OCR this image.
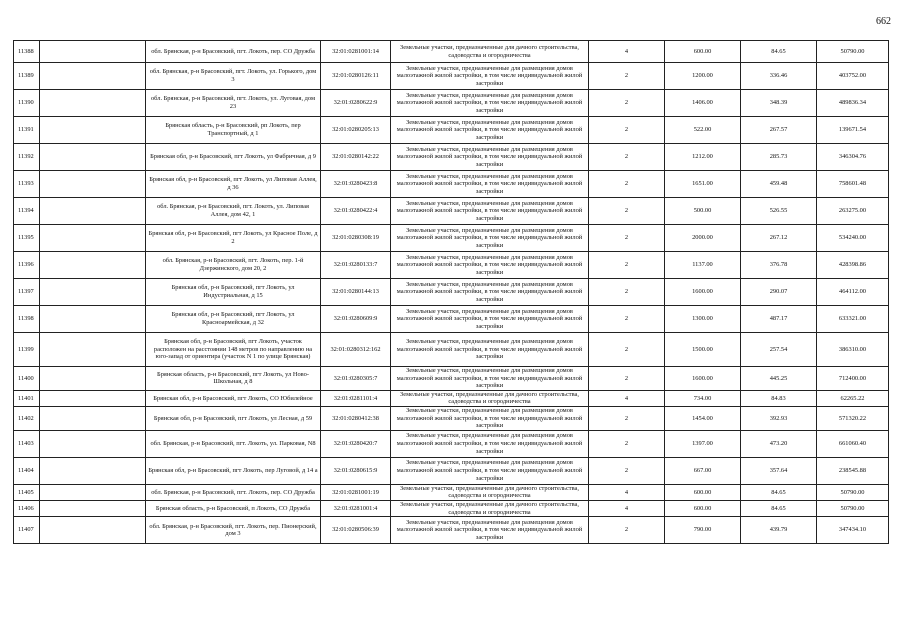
662
11388		обл. Брянская, р-н Брасовский, пгт. Локоть, пер. СО Дружба	32:01:0281001:14	Земельные участки, предназначенные для дачного строительства, садоводства и огородничества	4	600.00	84.65	50790.00
11389		обл. Брянская, р-н Брасовский, пгт. Локоть, ул. Горького, дом 3	32:01:0280126:11	Земельные участки, предназначенные для размещения домов малоэтажной жилой застройки, в том числе индивидуальной жилой застройки	2	1200.00	336.46	403752.00
11390		обл. Брянская, р-н Брасовский, пгт. Локоть, ул. Луговая, дом 23	32:01:0280622:9	Земельные участки, предназначенные для размещения домов малоэтажной жилой застройки, в том числе индивидуальной жилой застройки	2	1406.00	348.39	489836.34
11391		Брянская область, р-н Брасовский, рп Локоть, пер Транспортный, д 1	32:01:0280205:13	Земельные участки, предназначенные для размещения домов малоэтажной жилой застройки, в том числе индивидуальной жилой застройки	2	522.00	267.57	139671.54
11392		Брянская обл, р-н Брасовский, пгт Локоть, ул Фабричная, д 9	32:01:0280142:22	Земельные участки, предназначенные для размещения домов малоэтажной жилой застройки, в том числе индивидуальной жилой застройки	2	1212.00	285.73	346304.76
11393		Брянская обл, р-н Брасовский, пгт Локоть, ул Липовая Аллея, д 36	32:01:0280423:8	Земельные участки, предназначенные для размещения домов малоэтажной жилой застройки, в том числе индивидуальной жилой застройки	2	1651.00	459.48	758601.48
11394		обл. Брянская, р-н Брасовский, пгт. Локоть, ул. Липовая Аллея, дом 42, 1	32:01:0280422:4	Земельные участки, предназначенные для размещения домов малоэтажной жилой застройки, в том числе индивидуальной жилой застройки	2	500.00	526.55	263275.00
11395		Брянская обл, р-н Брасовский, пгт Локоть, ул Красное Поле, д 2	32:01:0280308:19	Земельные участки, предназначенные для размещения домов малоэтажной жилой застройки, в том числе индивидуальной жилой застройки	2	2000.00	267.12	534240.00
11396		обл. Брянская, р-н Брасовский, пгт. Локоть, пер. 1-й Дзержинского, дом 20, 2	32:01:0280133:7	Земельные участки, предназначенные для размещения домов малоэтажной жилой застройки, в том числе индивидуальной жилой застройки	2	1137.00	376.78	428398.86
11397		Брянская обл, р-н Брасовский, пгт Локоть, ул Индустриальная, д 15	32:01:0280144:13	Земельные участки, предназначенные для размещения домов малоэтажной жилой застройки, в том числе индивидуальной жилой застройки	2	1600.00	290.07	464112.00
11398		Брянская обл, р-н Брасовский, пгт Локоть, ул Красноармейская, д 32	32:01:0280609:9	Земельные участки, предназначенные для размещения домов малоэтажной жилой застройки, в том числе индивидуальной жилой застройки	2	1300.00	487.17	633321.00
11399		Брянская обл, р-н Брасовский, пгт Локоть, участок расположен на расстоянии 148 метров по направлению на юго-запад от ориентира (участок N 1 по улице Брянская)	32:01:0280312:162	Земельные участки, предназначенные для размещения домов малоэтажной жилой застройки, в том числе индивидуальной жилой застройки	2	1500.00	257.54	386310.00
11400		Брянская область, р-н Брасовский, пгт Локоть, ул Ново-Школьная, д 8	32:01:0280305:7	Земельные участки, предназначенные для размещения домов малоэтажной жилой застройки, в том числе индивидуальной жилой застройки	2	1600.00	445.25	712400.00
11401		Брянская обл, р-н Брасовский, пгт Локоть, СО Юбилейное	32:01:0281101:4	Земельные участки, предназначенные для дачного строительства, садоводства и огородничества	4	734.00	84.83	62265.22
11402		Брянская обл, р-н Брасовский, пгт Локоть, ул Лесная, д 59	32:01:0280412:38	Земельные участки, предназначенные для размещения домов малоэтажной жилой застройки, в том числе индивидуальной жилой застройки	2	1454.00	392.93	571320.22
11403		обл. Брянская, р-н Брасовский, пгт. Локоть, ул. Парковая, N8	32:01:0280420:7	Земельные участки, предназначенные для размещения домов малоэтажной жилой застройки, в том числе индивидуальной жилой застройки	2	1397.00	473.20	661060.40
11404		Брянская обл, р-н Брасовский, пгт Локоть, пер Луговой, д 14 а	32:01:0280615:9	Земельные участки, предназначенные для размещения домов малоэтажной жилой застройки, в том числе индивидуальной жилой застройки	2	667.00	357.64	238545.88
11405		обл. Брянская, р-н Брасовский, пгт. Локоть, пер. СО Дружба	32:01:0281001:19	Земельные участки, предназначенные для дачного строительства, садоводства и огородничества	4	600.00	84.65	50790.00
11406		Брянская область, р-н Брасовский, п Локоть, СО Дружба	32:01:0281001:4	Земельные участки, предназначенные для дачного строительства, садоводства и огородничества	4	600.00	84.65	50790.00
11407		обл. Брянская, р-н Брасовский, пгт. Локоть, пер. Пионерский, дом 3	32:01:0280506:39	Земельные участки, предназначенные для размещения домов малоэтажной жилой застройки, в том числе индивидуальной жилой застройки	2	790.00	439.79	347434.10
